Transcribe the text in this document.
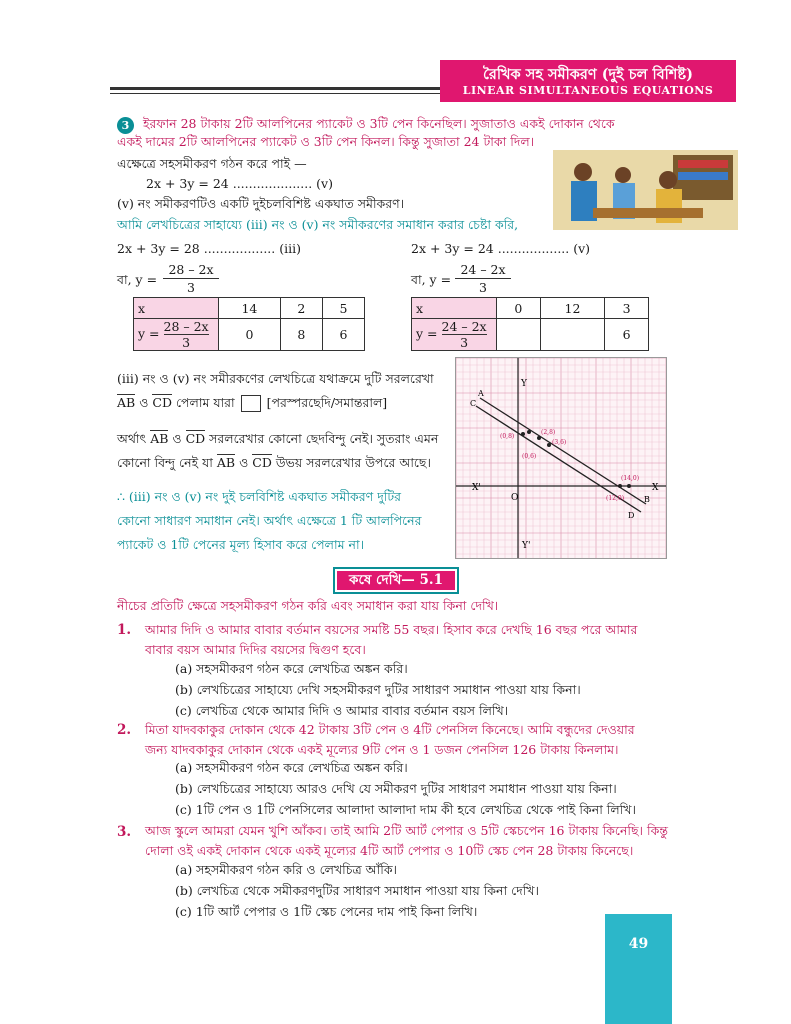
রৈখিক সহ সমীকরণ (দুই চল বিশিষ্ট)
LINEAR SIMULTANEOUS EQUATIONS
3	ইরফান 28 টাকায় 2টি আলপিনের প্যাকেট ও 3টি পেন কিনেছিল। সুজাতাও একই দোকান থেকে
একই দামের 2টি আলপিনের প্যাকেট ও 3টি পেন কিনল। কিন্তু সুজাতা 24 টাকা দিল।
এক্ষেত্রে সহসমীকরণ গঠন করে পাই —
2x + 3y = 24 .................... (v)
(v) নং সমীকরণটিও একটি দুইচলবিশিষ্ট একঘাত সমীকরণ।
আমি লেখচিত্রের সাহায্যে (iii) নং ও (v) নং সমীকরণের সমাধান করার চেষ্টা করি,
2x + 3y = 28 .................. (iii)	2x + 3y = 24 .................. (v)
বা, y =
28 – 2x
3
বা, y =
24 – 2x
3
x	14	2	5
$y = \frac{28 - 2x}{3}$	0	8	6
x	0	12	3
$y = \frac{24 - 2x}{3}$			6
(iii) নং ও (v) নং সমীরকণের লেখচিত্রে যথাক্রমে দুটি সরলরেখা
AB ও CD পেলাম যারা	[পরস্পরছেদি/সমান্তরাল]
অর্থাৎ AB ও CD সরলরেখার কোনো ছেদবিন্দু নেই। সুতরাং এমন
কোনো বিন্দু নেই যা AB ও CD উভয় সরলরেখার উপরে আছে।
∴ (iii) নং ও (v) নং দুই চলবিশিষ্ট একঘাত সমীকরণ দুটির
কোনো সাধারণ সমাধান নেই। অর্থাৎ এক্ষেত্রে 1 টি আলপিনের
প্যাকেট ও 1টি পেনের মূল্য হিসাব করে পেলাম না।
Y
Y'
X
X'
O
A
B
C
D
(0,8)
(2,8)
(3,6)
(0,6)
(12,0)
(14,0)
কষে দেখি— 5.1
নীচের প্রতিটি ক্ষেত্রে সহসমীকরণ গঠন করি এবং সমাধান করা যায় কিনা দেখি।
1. আমার দিদি ও আমার বাবার বর্তমান বয়সের সমষ্টি 55 বছর। হিসাব করে দেখছি 16 বছর পরে আমার
বাবার বয়স আমার দিদির বয়সের দ্বিগুণ হবে।
(a) সহসমীকরণ গঠন করে লেখচিত্র অঙ্কন করি।
(b) লেখচিত্রের সাহায্যে দেখি সহসমীকরণ দুটির সাধারণ সমাধান পাওয়া যায় কিনা।
(c) লেখচিত্র থেকে আমার দিদি ও আমার বাবার বর্তমান বয়স লিখি।
2. মিতা যাদবকাকুর দোকান থেকে 42 টাকায় 3টি পেন ও 4টি পেনসিল কিনেছে। আমি বন্ধুদের দেওয়ার
জন্য যাদবকাকুর দোকান থেকে একই মূল্যের 9টি পেন ও 1 ডজন পেনসিল 126 টাকায় কিনলাম।
(a) সহসমীকরণ গঠন করে লেখচিত্র অঙ্কন করি।
(b) লেখচিত্রের সাহায্যে আরও দেখি যে সমীকরণ দুটির সাধারণ সমাধান পাওয়া যায় কিনা।
(c) 1টি পেন ও 1টি পেনসিলের আলাদা আলাদা দাম কী হবে লেখচিত্র থেকে পাই কিনা লিখি।
3. আজ স্কুলে আমরা যেমন খুশি আঁকব। তাই আমি 2টি আর্ট পেপার ও 5টি স্কেচপেন 16 টাকায় কিনেছি। কিন্তু
দোলা ওই একই দোকান থেকে একই মূল্যের 4টি আর্ট পেপার ও 10টি স্কেচ পেন 28 টাকায় কিনেছে।
(a) সহসমীকরণ গঠন করি ও লেখচিত্র আঁকি।
(b) লেখচিত্র থেকে সমীকরণদুটির সাধারণ সমাধান পাওয়া যায় কিনা দেখি।
(c) 1টি আর্ট পেপার ও 1টি স্কেচ পেনের দাম পাই কিনা লিখি।
49
